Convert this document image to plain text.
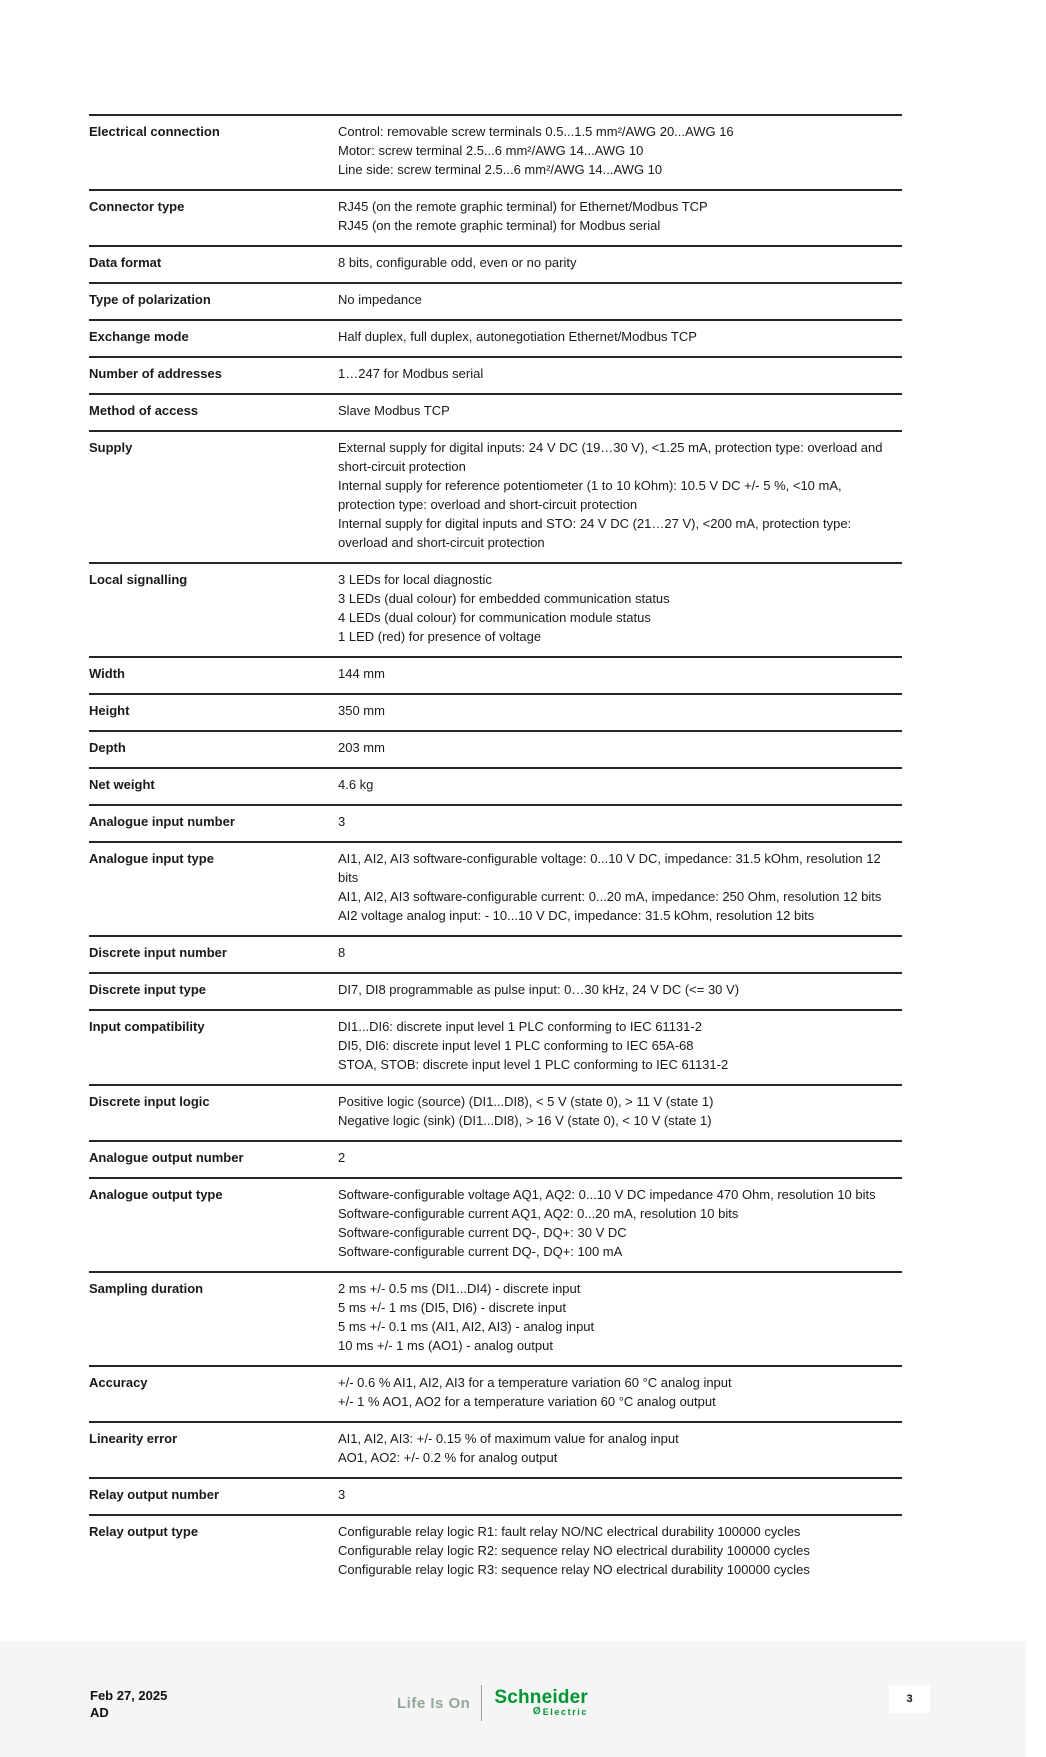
Electrical connection	Control: removable screw terminals 0.5...1.5 mm²/AWG 20...AWG 16
Motor: screw terminal 2.5...6 mm²/AWG 14...AWG 10
Line side: screw terminal 2.5...6 mm²/AWG 14...AWG 10
Connector type	RJ45 (on the remote graphic terminal) for Ethernet/Modbus TCP
RJ45 (on the remote graphic terminal) for Modbus serial
Data format	8 bits, configurable odd, even or no parity
Type of polarization	No impedance
Exchange mode	Half duplex, full duplex, autonegotiation Ethernet/Modbus TCP
Number of addresses	1…247 for Modbus serial
Method of access	Slave Modbus TCP
Supply	External supply for digital inputs: 24 V DC (19…30 V), <1.25 mA, protection type: overload and short-circuit protection
Internal supply for reference potentiometer (1 to 10 kOhm): 10.5 V DC +/- 5 %, <10 mA, protection type: overload and short-circuit protection
Internal supply for digital inputs and STO: 24 V DC (21…27 V), <200 mA, protection type: overload and short-circuit protection
Local signalling	3 LEDs for local diagnostic
3 LEDs (dual colour) for embedded communication status
4 LEDs (dual colour) for communication module status
1 LED (red) for presence of voltage
Width	144 mm
Height	350 mm
Depth	203 mm
Net weight	4.6 kg
Analogue input number	3
Analogue input type	AI1, AI2, AI3 software-configurable voltage: 0...10 V DC, impedance: 31.5 kOhm, resolution 12 bits
AI1, AI2, AI3 software-configurable current: 0...20 mA, impedance: 250 Ohm, resolution 12 bits
AI2 voltage analog input: - 10...10 V DC, impedance: 31.5 kOhm, resolution 12 bits
Discrete input number	8
Discrete input type	DI7, DI8 programmable as pulse input: 0…30 kHz, 24 V DC (<= 30 V)
Input compatibility	DI1...DI6: discrete input level 1 PLC conforming to IEC 61131-2
DI5, DI6: discrete input level 1 PLC conforming to IEC 65A-68
STOA, STOB: discrete input level 1 PLC conforming to IEC 61131-2
Discrete input logic	Positive logic (source) (DI1...DI8), < 5 V (state 0), > 11 V (state 1)
Negative logic (sink) (DI1...DI8), > 16 V (state 0), < 10 V (state 1)
Analogue output number	2
Analogue output type	Software-configurable voltage AQ1, AQ2: 0...10 V DC impedance 470 Ohm, resolution 10 bits
Software-configurable current AQ1, AQ2: 0...20 mA, resolution 10 bits
Software-configurable current DQ-, DQ+: 30 V DC
Software-configurable current DQ-, DQ+: 100 mA
Sampling duration	2 ms +/- 0.5 ms (DI1...DI4) - discrete input
5 ms +/- 1 ms (DI5, DI6) - discrete input
5 ms +/- 0.1 ms (AI1, AI2, AI3) - analog input
10 ms +/- 1 ms (AO1) - analog output
Accuracy	+/- 0.6 % AI1, AI2, AI3 for a temperature variation 60 °C analog input
+/- 1 % AO1, AO2 for a temperature variation 60 °C analog output
Linearity error	AI1, AI2, AI3: +/- 0.15 % of maximum value for analog input
AO1, AO2: +/- 0.2 % for analog output
Relay output number	3
Relay output type	Configurable relay logic R1: fault relay NO/NC electrical durability 100000 cycles
Configurable relay logic R2: sequence relay NO electrical durability 100000 cycles
Configurable relay logic R3: sequence relay NO electrical durability 100000 cycles
Feb 27, 2025
AD
Life Is On Schneider
Ø Electric
3
